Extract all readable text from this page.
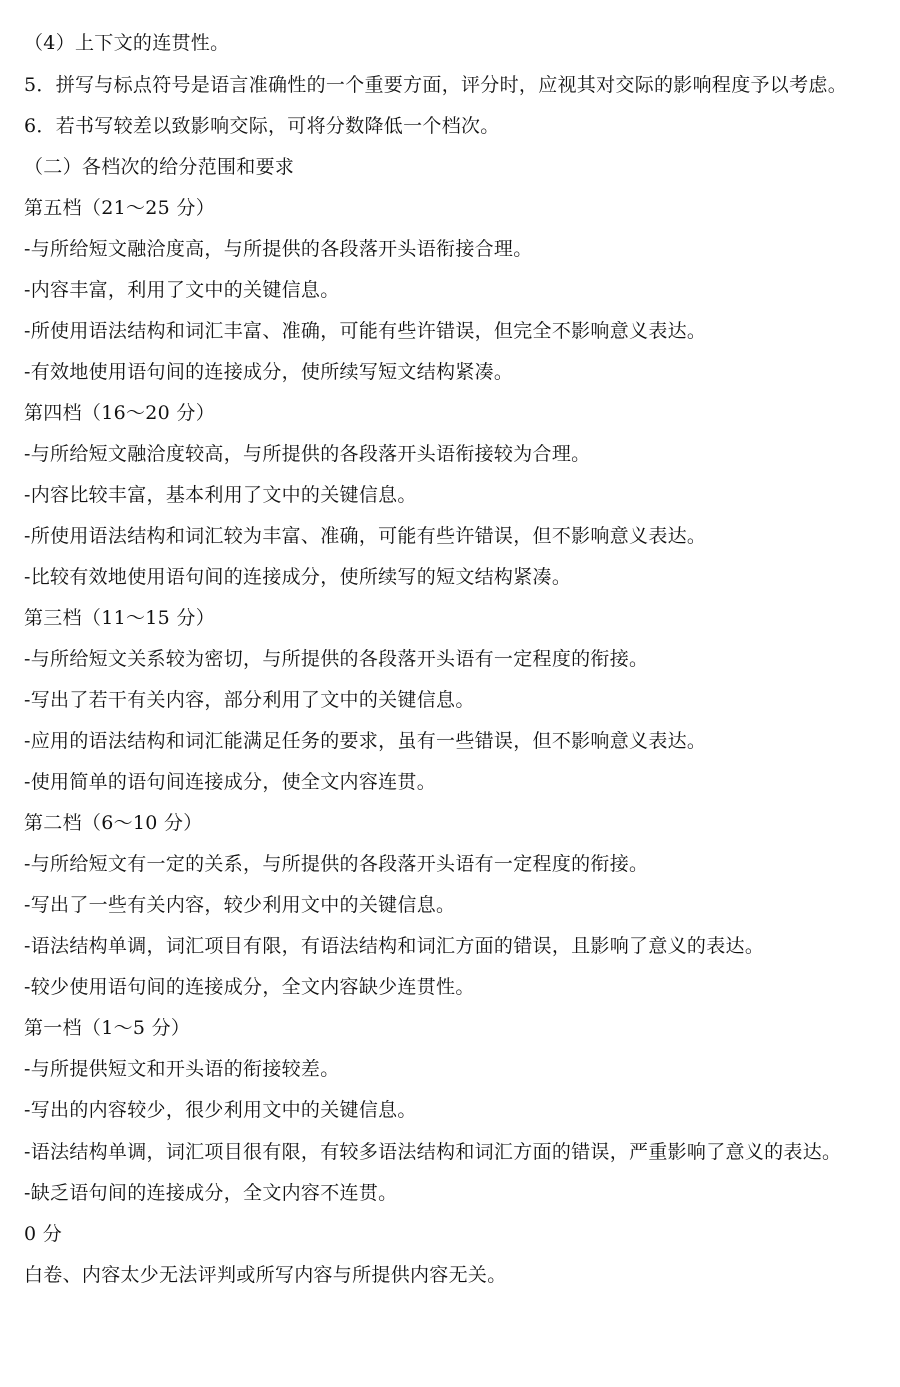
（4）上下文的连贯性。

5．拼写与标点符号是语言准确性的一个重要方面，评分时，应视其对交际的影响程度予以考虑。

6．若书写较差以致影响交际，可将分数降低一个档次。

（二）各档次的给分范围和要求

第五档（21～25 分）

-与所给短文融洽度高，与所提供的各段落开头语衔接合理。

-内容丰富，利用了文中的关键信息。

-所使用语法结构和词汇丰富、准确，可能有些许错误，但完全不影响意义表达。

-有效地使用语句间的连接成分，使所续写短文结构紧凑。

第四档（16～20 分）

-与所给短文融洽度较高，与所提供的各段落开头语衔接较为合理。

-内容比较丰富，基本利用了文中的关键信息。

-所使用语法结构和词汇较为丰富、准确，可能有些许错误，但不影响意义表达。

-比较有效地使用语句间的连接成分，使所续写的短文结构紧凑。

第三档（11～15 分）

-与所给短文关系较为密切，与所提供的各段落开头语有一定程度的衔接。

-写出了若干有关内容，部分利用了文中的关键信息。

-应用的语法结构和词汇能满足任务的要求，虽有一些错误，但不影响意义表达。

-使用简单的语句间连接成分，使全文内容连贯。

第二档（6～10 分）

-与所给短文有一定的关系，与所提供的各段落开头语有一定程度的衔接。

-写出了一些有关内容，较少利用文中的关键信息。

-语法结构单调，词汇项目有限，有语法结构和词汇方面的错误，且影响了意义的表达。

-较少使用语句间的连接成分，全文内容缺少连贯性。

第一档（1～5 分）

-与所提供短文和开头语的衔接较差。

-写出的内容较少，很少利用文中的关键信息。

-语法结构单调，词汇项目很有限，有较多语法结构和词汇方面的错误，严重影响了意义的表达。

-缺乏语句间的连接成分，全文内容不连贯。

0 分

白卷、内容太少无法评判或所写内容与所提供内容无关。
